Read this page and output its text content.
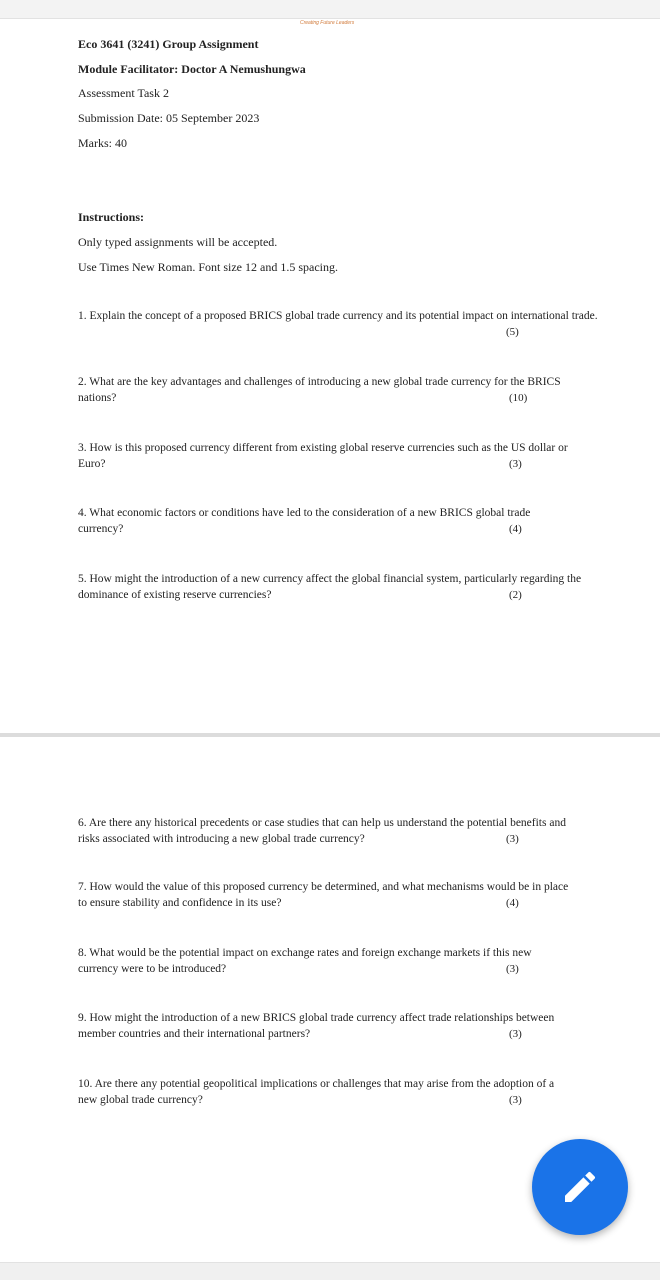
Creating Future Leaders
Eco 3641 (3241) Group Assignment
Module Facilitator: Doctor A Nemushungwa
Assessment Task 2
Submission Date: 05 September 2023
Marks: 40
Instructions:
Only typed assignments will be accepted.
Use Times New Roman. Font size 12 and 1.5 spacing.
1. Explain the concept of a proposed BRICS global trade currency and its potential impact on international trade.
(5)
2. What are the key advantages and challenges of introducing a new global trade currency for the BRICS nations?	(10)
3. How is this proposed currency different from existing global reserve currencies such as the US dollar or Euro?	(3)
4. What economic factors or conditions have led to the consideration of a new BRICS global trade currency?	(4)
5. How might the introduction of a new currency affect the global financial system, particularly regarding the dominance of existing reserve currencies?	(2)
6. Are there any historical precedents or case studies that can help us understand the potential benefits and risks associated with introducing a new global trade currency?	(3)
7. How would the value of this proposed currency be determined, and what mechanisms would be in place to ensure stability and confidence in its use?	(4)
8. What would be the potential impact on exchange rates and foreign exchange markets if this new currency were to be introduced?	(3)
9. How might the introduction of a new BRICS global trade currency affect trade relationships between member countries and their international partners?	(3)
10. Are there any potential geopolitical implications or challenges that may arise from the adoption of a new global trade currency?	(3)
